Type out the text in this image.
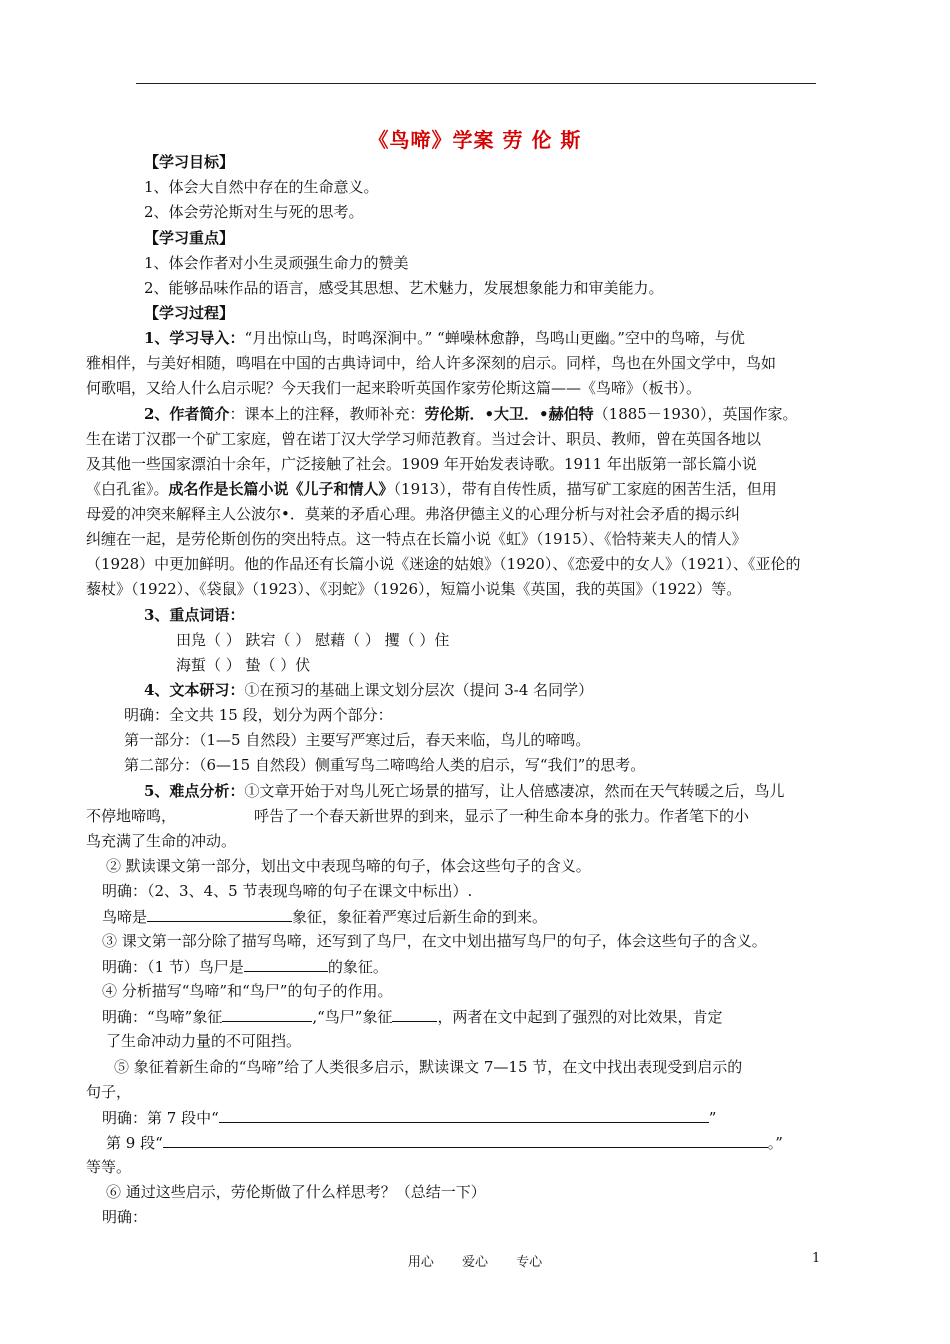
《鸟啼》学案 劳 伦 斯
【学习目标】
1、体会大自然中存在的生命意义。
2、体会劳沦斯对生与死的思考。
【学习重点】
1、体会作者对小生灵顽强生命力的赞美
2、能够品味作品的语言，感受其思想、艺术魅力，发展想象能力和审美能力。
【学习过程】
1、学习导入：“月出惊山鸟，时鸣深涧中。” “蝉噪林愈静，鸟鸣山更幽。”空中的鸟啼，与优
雅相伴，与美好相随，鸣唱在中国的古典诗词中，给人许多深刻的启示。同样，鸟也在外国文学中，鸟如
何歌唱，又给人什么启示呢？今天我们一起来聆听英国作家劳伦斯这篇——《鸟啼》（板书）。
2、作者简介：课本上的注释，教师补充：劳伦斯．•大卫．•赫伯特（1885－1930），英国作家。
生在诺丁汉郡一个矿工家庭，曾在诺丁汉大学学习师范教育。当过会计、职员、教师，曾在英国各地以
及其他一些国家漂泊十余年，广泛接触了社会。1909 年开始发表诗歌。1911 年出版第一部长篇小说
《白孔雀》。成名作是长篇小说《儿子和情人》（1913），带有自传性质，描写矿工家庭的困苦生活，但用
母爱的冲突来解释主人公波尔•．莫莱的矛盾心理。弗洛伊德主义的心理分析与对社会矛盾的揭示纠
纠缠在一起，是劳伦斯创伤的突出特点。这一特点在长篇小说《虹》（1915）、《恰特莱夫人的情人》
（1928）中更加鲜明。他的作品还有长篇小说《迷途的姑娘》（1920）、《恋爱中的女人》（1921）、《亚伦的
藜杖》（1922）、《袋鼠》（1923）、《羽蛇》（1926），短篇小说集《英国，我的英国》（1922）等。
3、重点词语：
田凫（ ） 趺宕（ ） 慰藉（ ） 攫（ ）住
海蜇（ ） 蛰（ ）伏
4、文本研习：①在预习的基础上课文划分层次（提问 3-4 名同学）
明确：全文共 15 段，划分为两个部分：
第一部分：（1—5 自然段）主要写严寒过后，春天来临，鸟儿的啼鸣。
第二部分：（6—15 自然段）侧重写鸟二啼鸣给人类的启示，写“我们”的思考。
5、难点分析：①文章开始于对鸟儿死亡场景的描写，让人倍感凄凉，然而在天气转暖之后，鸟儿
不停地啼鸣，	呼告了一个春天新世界的到来，显示了一种生命本身的张力。作者笔下的小
鸟充满了生命的冲动。
② 默读课文第一部分，划出文中表现鸟啼的句子，体会这些句子的含义。
明确：（2、3、4、5 节表现鸟啼的句子在课文中标出）.
鸟啼是	象征，象征着严寒过后新生命的到来。
③ 课文第一部分除了描写鸟啼，还写到了鸟尸，在文中划出描写鸟尸的句子，体会这些句子的含义。
明确：（1 节）鸟尸是	的象征。
④ 分析描写“鸟啼”和“鸟尸”的句子的作用。
明确：“鸟啼”象征	,“鸟尸”象征	，两者在文中起到了强烈的对比效果，肯定
了生命冲动力量的不可阻挡。
⑤ 象征着新生命的“鸟啼”给了人类很多启示，默读课文 7—15 节，在文中找出表现受到启示的
句子，
明确：第 7 段中“	”
第 9 段“	。”
等等。
⑥ 通过这些启示，劳伦斯做了什么样思考？（总结一下）
明确：
用心 爱心 专心	1
